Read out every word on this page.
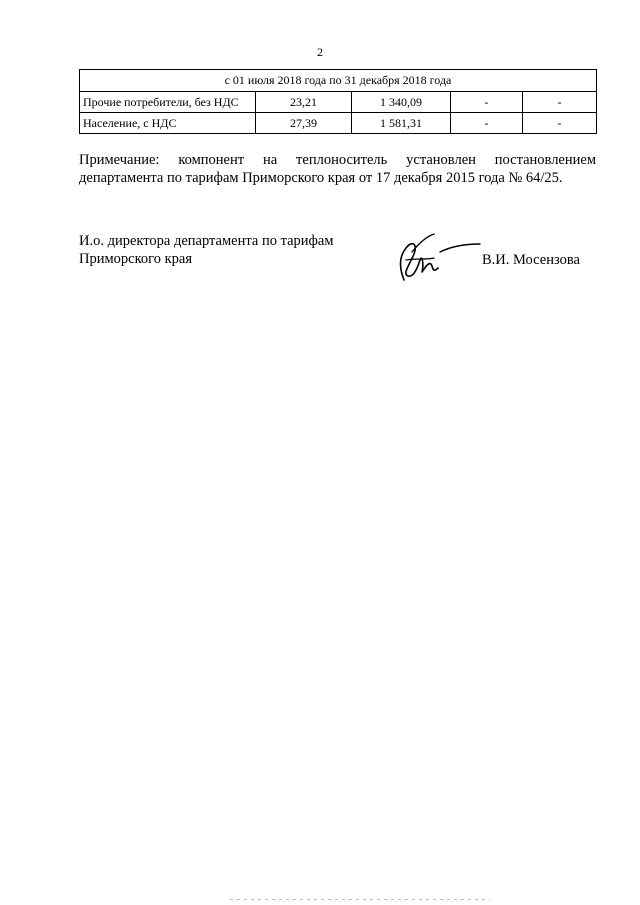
2
с 01 июля 2018 года по 31 декабря 2018 года				
Прочие потребители, без НДС	23,21	1 340,09	-	-
Население, с НДС	27,39	1 581,31	-	-
Примечание: компонент на теплоноситель установлен постановлением департамента по тарифам Приморского края от 17 декабря 2015 года № 64/25.
И.о. директора департамента по тарифам
Приморского края	В.И. Мосензова
